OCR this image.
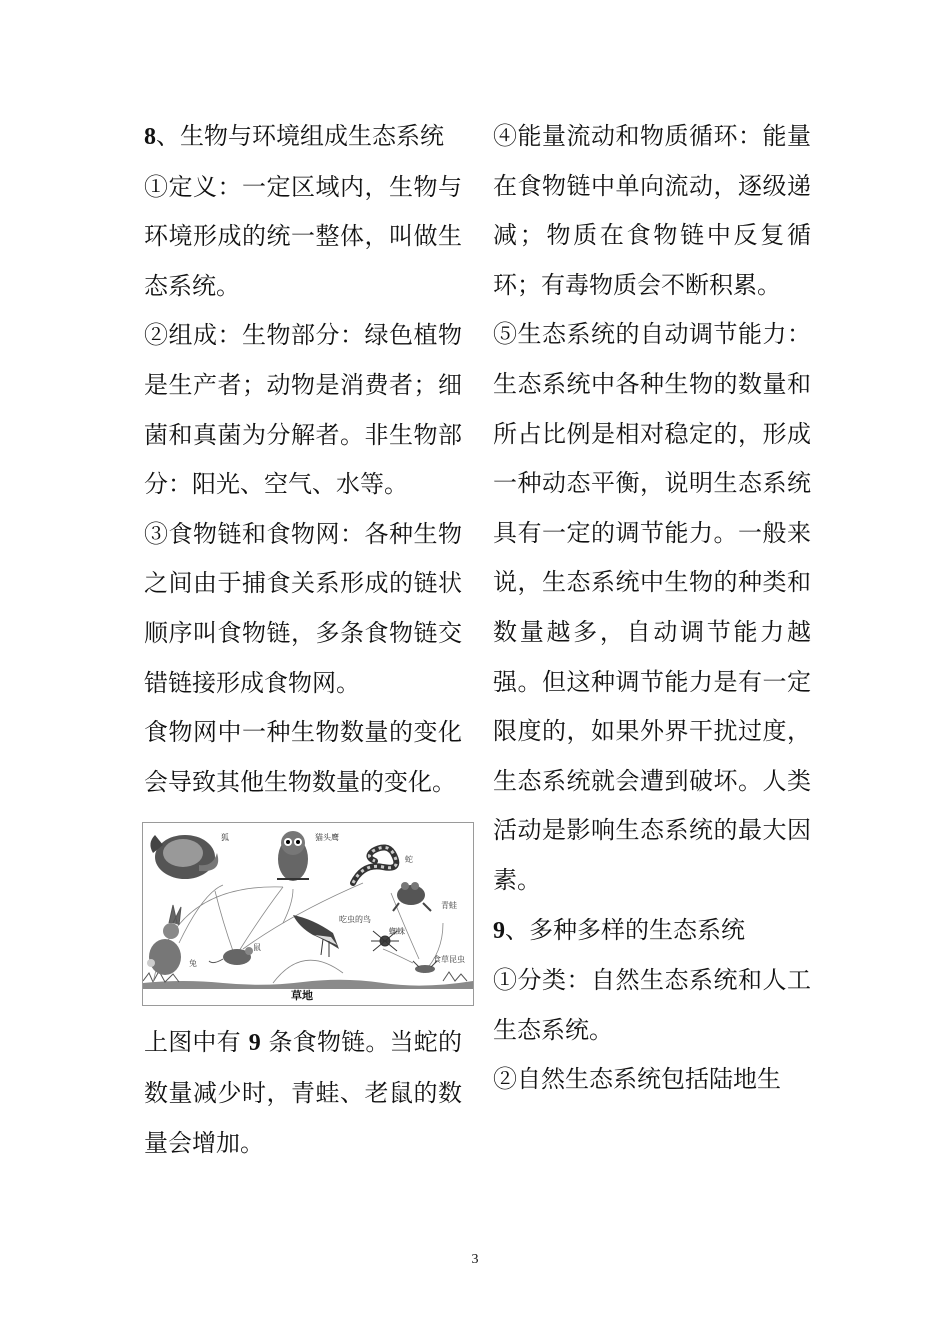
8、生物与环境组成生态系统

①定义：一定区域内，生物与环境形成的统一整体，叫做生态系统。

②组成：生物部分：绿色植物是生产者；动物是消费者；细菌和真菌为分解者。非生物部分：阳光、空气、水等。

③食物链和食物网：各种生物之间由于捕食关系形成的链状顺序叫食物链，多条食物链交错链接形成食物网。

食物网中一种生物数量的变化会导致其他生物数量的变化。

狐	猫头鹰
蛇
青蛙
兔
鼠
吃虫的鸟
蜘蛛
食草昆虫
草地

上图中有 9 条食物链。当蛇的数量减少时，青蛙、老鼠的数量会增加。

④能量流动和物质循环：能量在食物链中单向流动，逐级递减；物质在食物链中反复循环；有毒物质会不断积累。

⑤生态系统的自动调节能力：生态系统中各种生物的数量和所占比例是相对稳定的，形成一种动态平衡，说明生态系统具有一定的调节能力。一般来说，生态系统中生物的种类和数量越多，自动调节能力越强。但这种调节能力是有一定限度的，如果外界干扰过度，生态系统就会遭到破坏。人类活动是影响生态系统的最大因素。

9、多种多样的生态系统

①分类：自然生态系统和人工生态系统。

②自然生态系统包括陆地生

3
